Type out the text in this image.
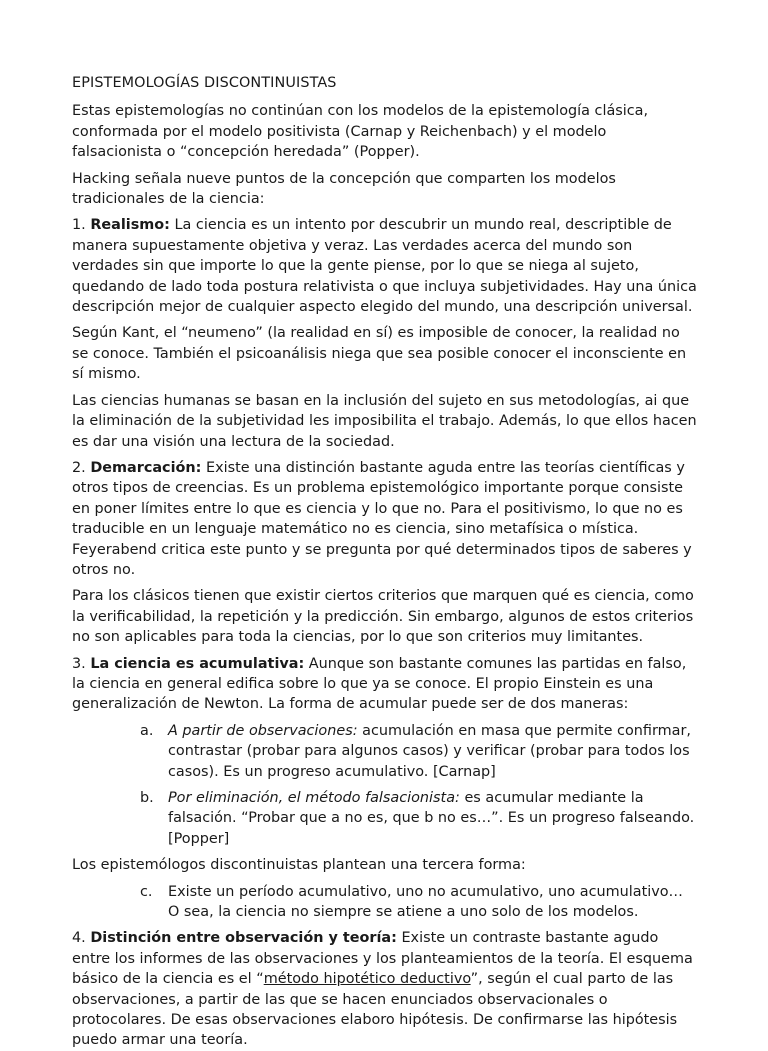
EPISTEMOLOGÍAS DISCONTINUISTAS

Estas epistemologías no continúan con los modelos de la epistemología clásica, conformada por el modelo positivista (Carnap y Reichenbach) y el modelo falsacionista o “concepción heredada” (Popper).

Hacking señala nueve puntos de la concepción que comparten los modelos tradicionales de la ciencia:

1. Realismo: La ciencia es un intento por descubrir un mundo real, descriptible de manera supuestamente objetiva y veraz. Las verdades acerca del mundo son verdades sin que importe lo que la gente piense, por lo que se niega al sujeto, quedando de lado toda postura relativista o que incluya subjetividades. Hay una única descripción mejor de cualquier aspecto elegido del mundo, una descripción universal.

Según Kant, el “neumeno” (la realidad en sí) es imposible de conocer, la realidad no se conoce. También el psicoanálisis niega que sea posible conocer el inconsciente en sí mismo.

Las ciencias humanas se basan en la inclusión del sujeto en sus metodologías, ai que la eliminación de la subjetividad les imposibilita el trabajo. Además, lo que ellos hacen es dar una visión una lectura de la sociedad.

2. Demarcación: Existe una distinción bastante aguda entre las teorías científicas y otros tipos de creencias. Es un problema epistemológico importante porque consiste en poner límites entre lo que es ciencia y lo que no. Para el positivismo, lo que no es traducible en un lenguaje matemático no es ciencia, sino metafísica o mística. Feyerabend critica este punto y se pregunta por qué determinados tipos de saberes y otros no.

Para los clásicos tienen que existir ciertos criterios que marquen qué es ciencia, como la verificabilidad, la repetición y la predicción. Sin embargo, algunos de estos criterios no son aplicables para toda la ciencias, por lo que son criterios muy limitantes.

3. La ciencia es acumulativa: Aunque son bastante comunes las partidas en falso, la ciencia en general edifica sobre lo que ya se conoce. El propio Einstein es una generalización de Newton. La forma de acumular puede ser de dos maneras:

a. A partir de observaciones: acumulación en masa que permite confirmar, contrastar (probar para algunos casos) y verificar (probar para todos los casos). Es un progreso acumulativo. [Carnap]
b. Por eliminación, el método falsacionista: es acumular mediante la falsación. “Probar que a no es, que b no es…”. Es un progreso falseando. [Popper]

Los epistemólogos discontinuistas plantean una tercera forma:

c. Existe un período acumulativo, uno no acumulativo, uno acumulativo… O sea, la ciencia no siempre se atiene a uno solo de los modelos.

4. Distinción entre observación y teoría: Existe un contraste bastante agudo entre los informes de las observaciones y los planteamientos de la teoría. El esquema básico de la ciencia es el “método hipotético deductivo”, según el cual parto de las observaciones, a partir de las que se hacen enunciados observacionales o protocolares. De esas observaciones elaboro hipótesis. De confirmarse las hipótesis puedo armar una teoría.
